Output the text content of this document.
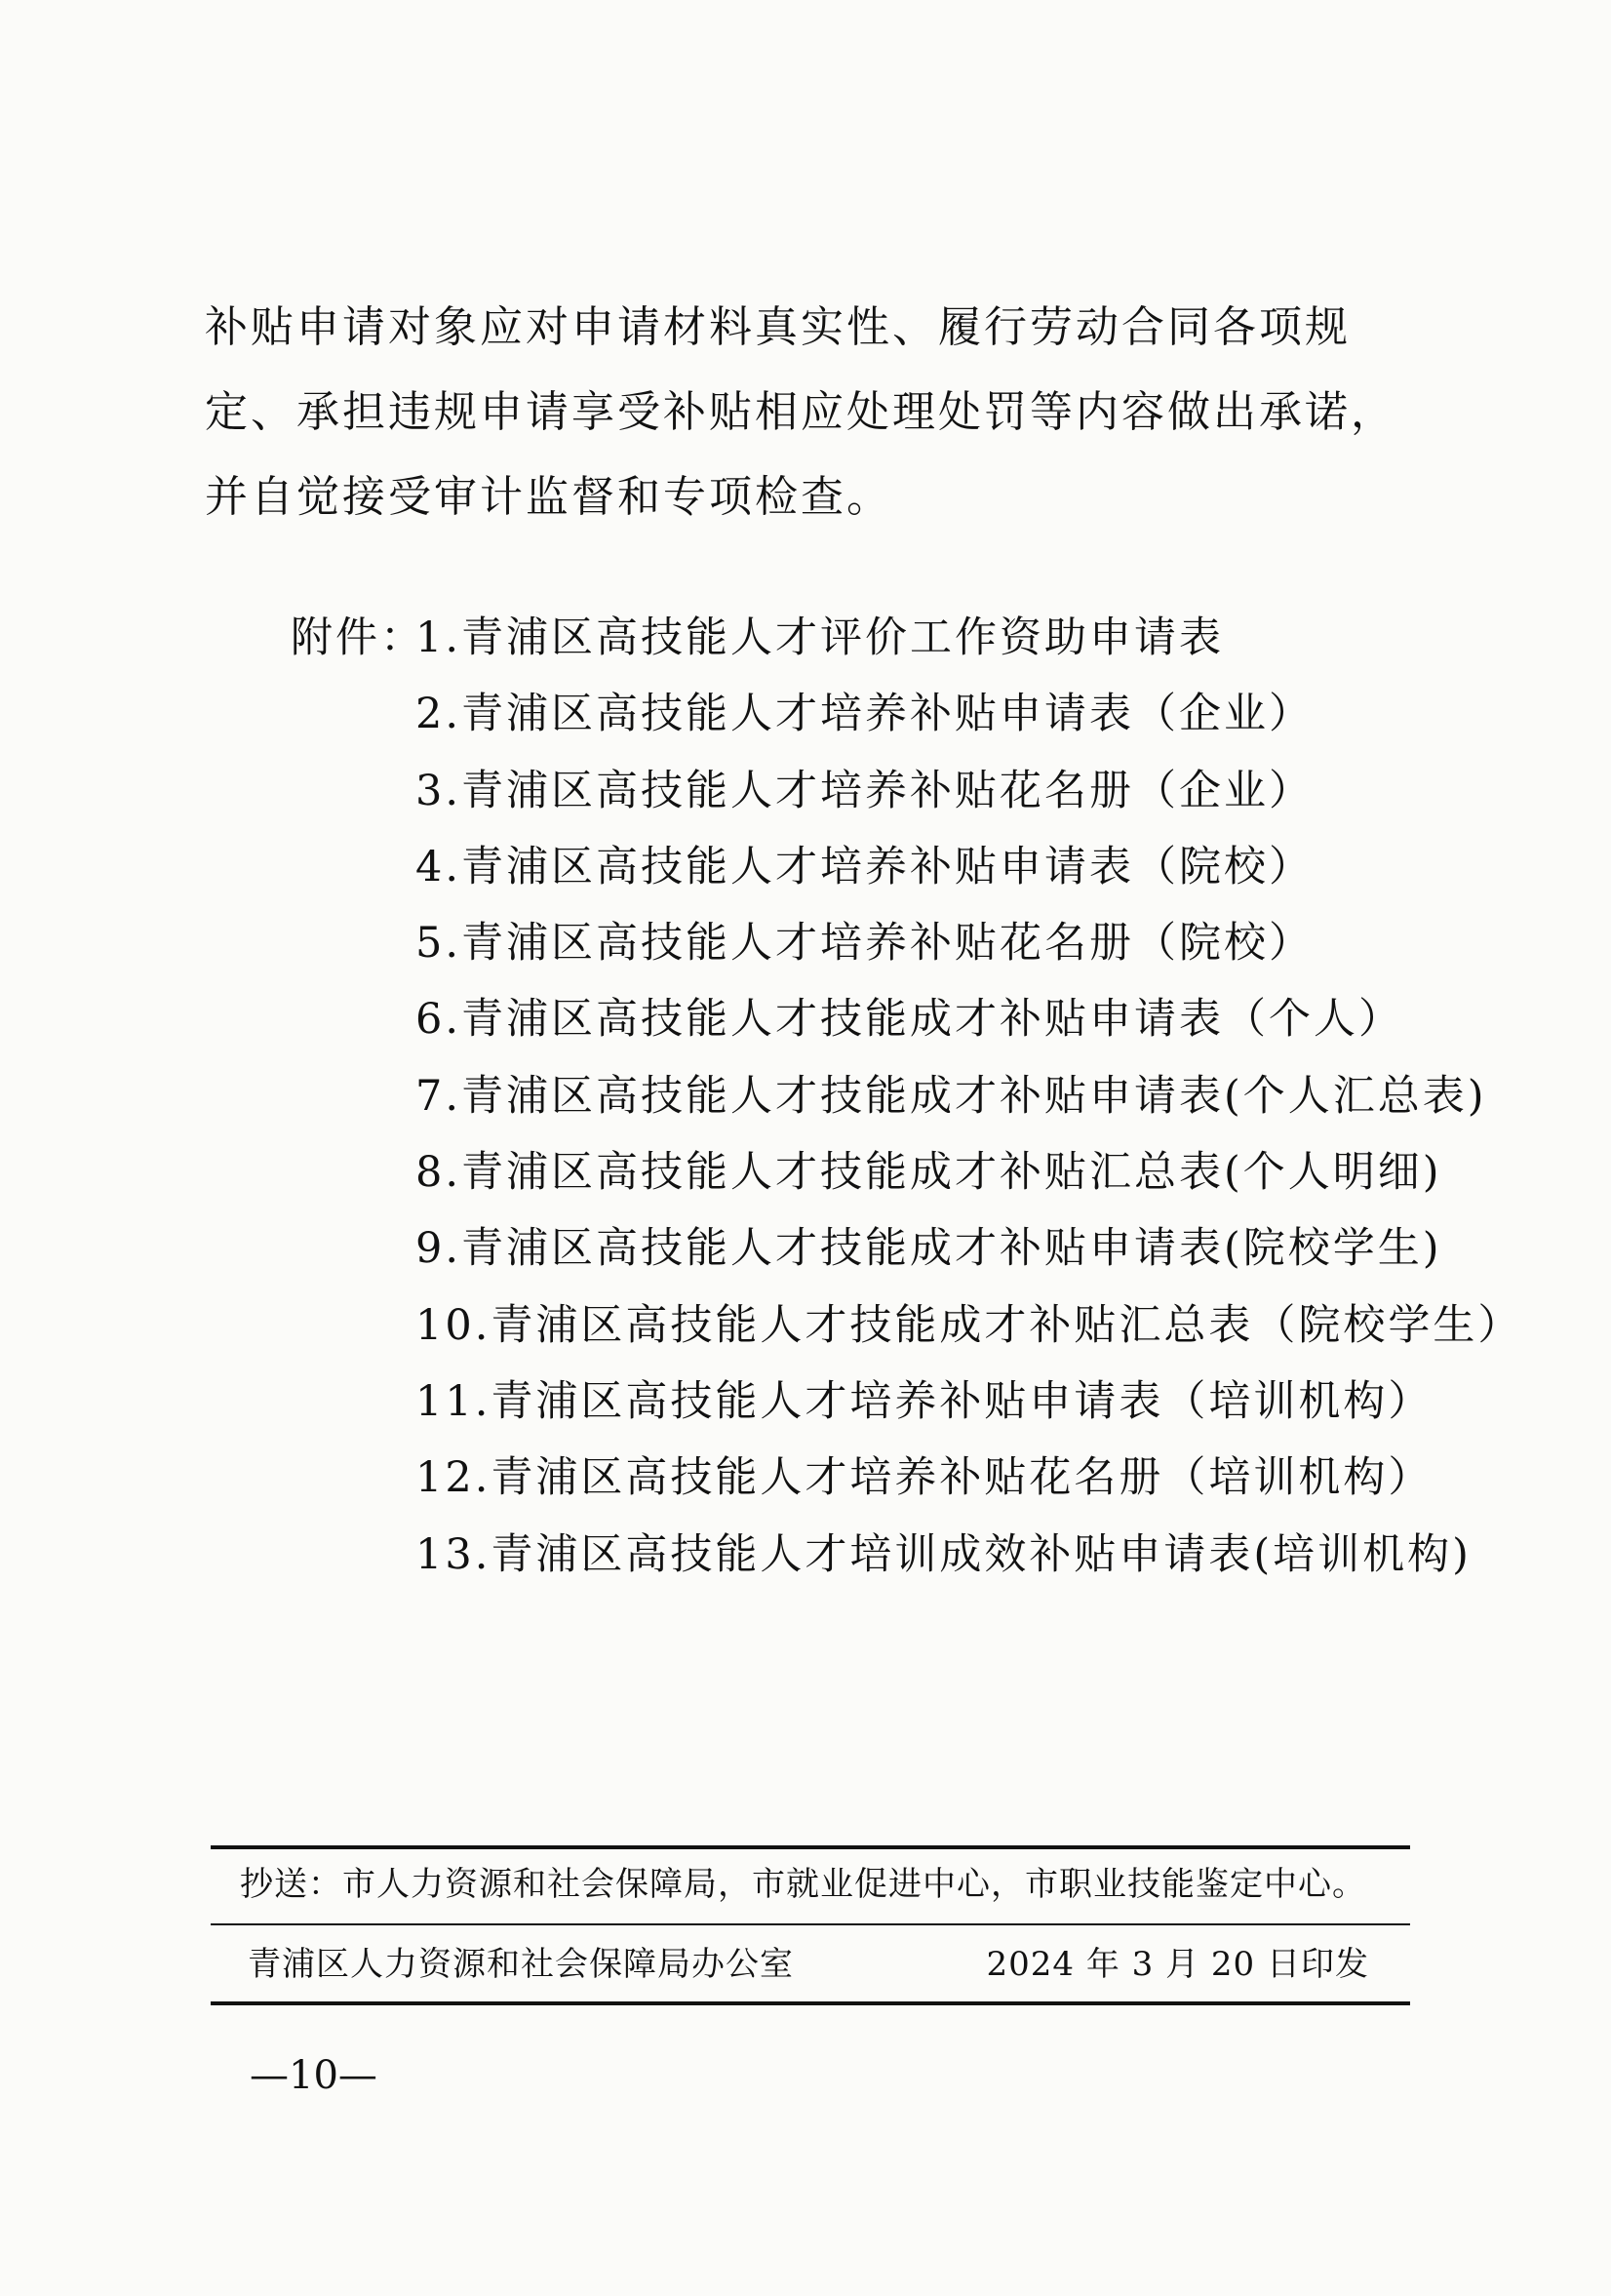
补贴申请对象应对申请材料真实性、履行劳动合同各项规定、承担违规申请享受补贴相应处理处罚等内容做出承诺，并自觉接受审计监督和专项检查。

附件：
1.青浦区高技能人才评价工作资助申请表
2.青浦区高技能人才培养补贴申请表（企业）
3.青浦区高技能人才培养补贴花名册（企业）
4.青浦区高技能人才培养补贴申请表（院校）
5.青浦区高技能人才培养补贴花名册（院校）
6.青浦区高技能人才技能成才补贴申请表（个人）
7.青浦区高技能人才技能成才补贴申请表(个人汇总表)
8.青浦区高技能人才技能成才补贴汇总表(个人明细)
9.青浦区高技能人才技能成才补贴申请表(院校学生)
10.青浦区高技能人才技能成才补贴汇总表（院校学生）
11.青浦区高技能人才培养补贴申请表（培训机构）
12.青浦区高技能人才培养补贴花名册（培训机构）
13.青浦区高技能人才培训成效补贴申请表(培训机构)
抄送：市人力资源和社会保障局，市就业促进中心，市职业技能鉴定中心。
青浦区人力资源和社会保障局办公室	2024 年 3 月 20 日印发
—10—
